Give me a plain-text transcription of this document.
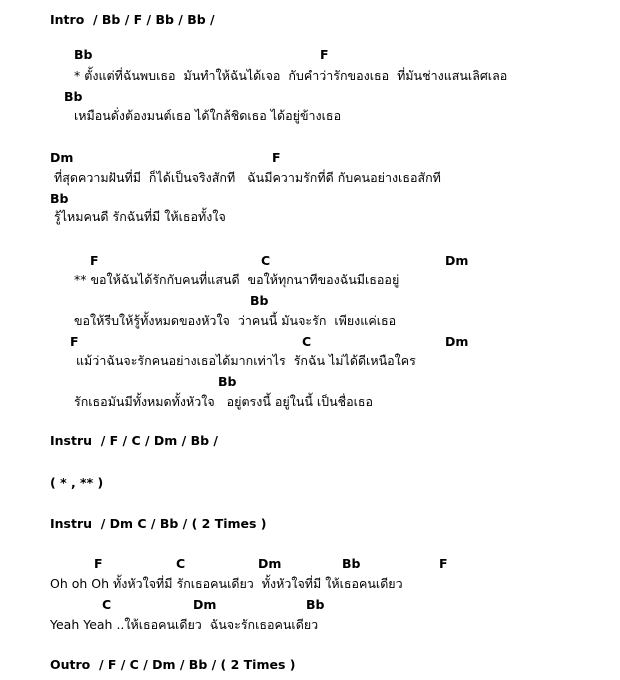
Intro  / Bb / F / Bb / Bb /
Bb	F
* ตั้งแต่ที่ฉันพบเธอ  มันทำให้ฉันได้เจอ  กับคำว่ารักของเธอ  ที่มันช่างแสนเลิศเลอ
Bb
เหมือนดั่งต้องมนต์เธอ ได้ใกล้ชิดเธอ ได้อยู่ข้างเธอ
Dm	F
ที่สุดความฝันที่มี  ก็ได้เป็นจริงสักที   ฉันมีความรักที่ดี กับคนอย่างเธอสักที
Bb
รู้ไหมคนดี รักฉันที่มี ให้เธอทั้งใจ
F	C	Dm
** ขอให้ฉันได้รักกับคนที่แสนดี  ขอให้ทุกนาทีของฉันมีเธออยู่
Bb
ขอให้รีบให้รู้ทั้งหมดของหัวใจ  ว่าคนนี้ มันจะรัก  เพียงแค่เธอ
F	C	Dm
แม้ว่าฉันจะรักคนอย่างเธอได้มากเท่าไร  รักฉัน ไม่ได้ดีเหนือใคร
Bb
รักเธอมันมีทั้งหมดทั้งหัวใจ   อยู่ตรงนี้ อยู่ในนี้ เป็นชื่อเธอ
Instru  / F / C / Dm / Bb /
( * , ** )
Instru  / Dm C / Bb / ( 2 Times )
F	C	Dm	Bb	F
Oh oh Oh ทั้งหัวใจที่มี รักเธอคนเดียว  ทั้งหัวใจที่มี ให้เธอคนเดียว
C	Dm	Bb
Yeah Yeah ..ให้เธอคนเดียว  ฉันจะรักเธอคนเดียว
Outro  / F / C / Dm / Bb / ( 2 Times )
